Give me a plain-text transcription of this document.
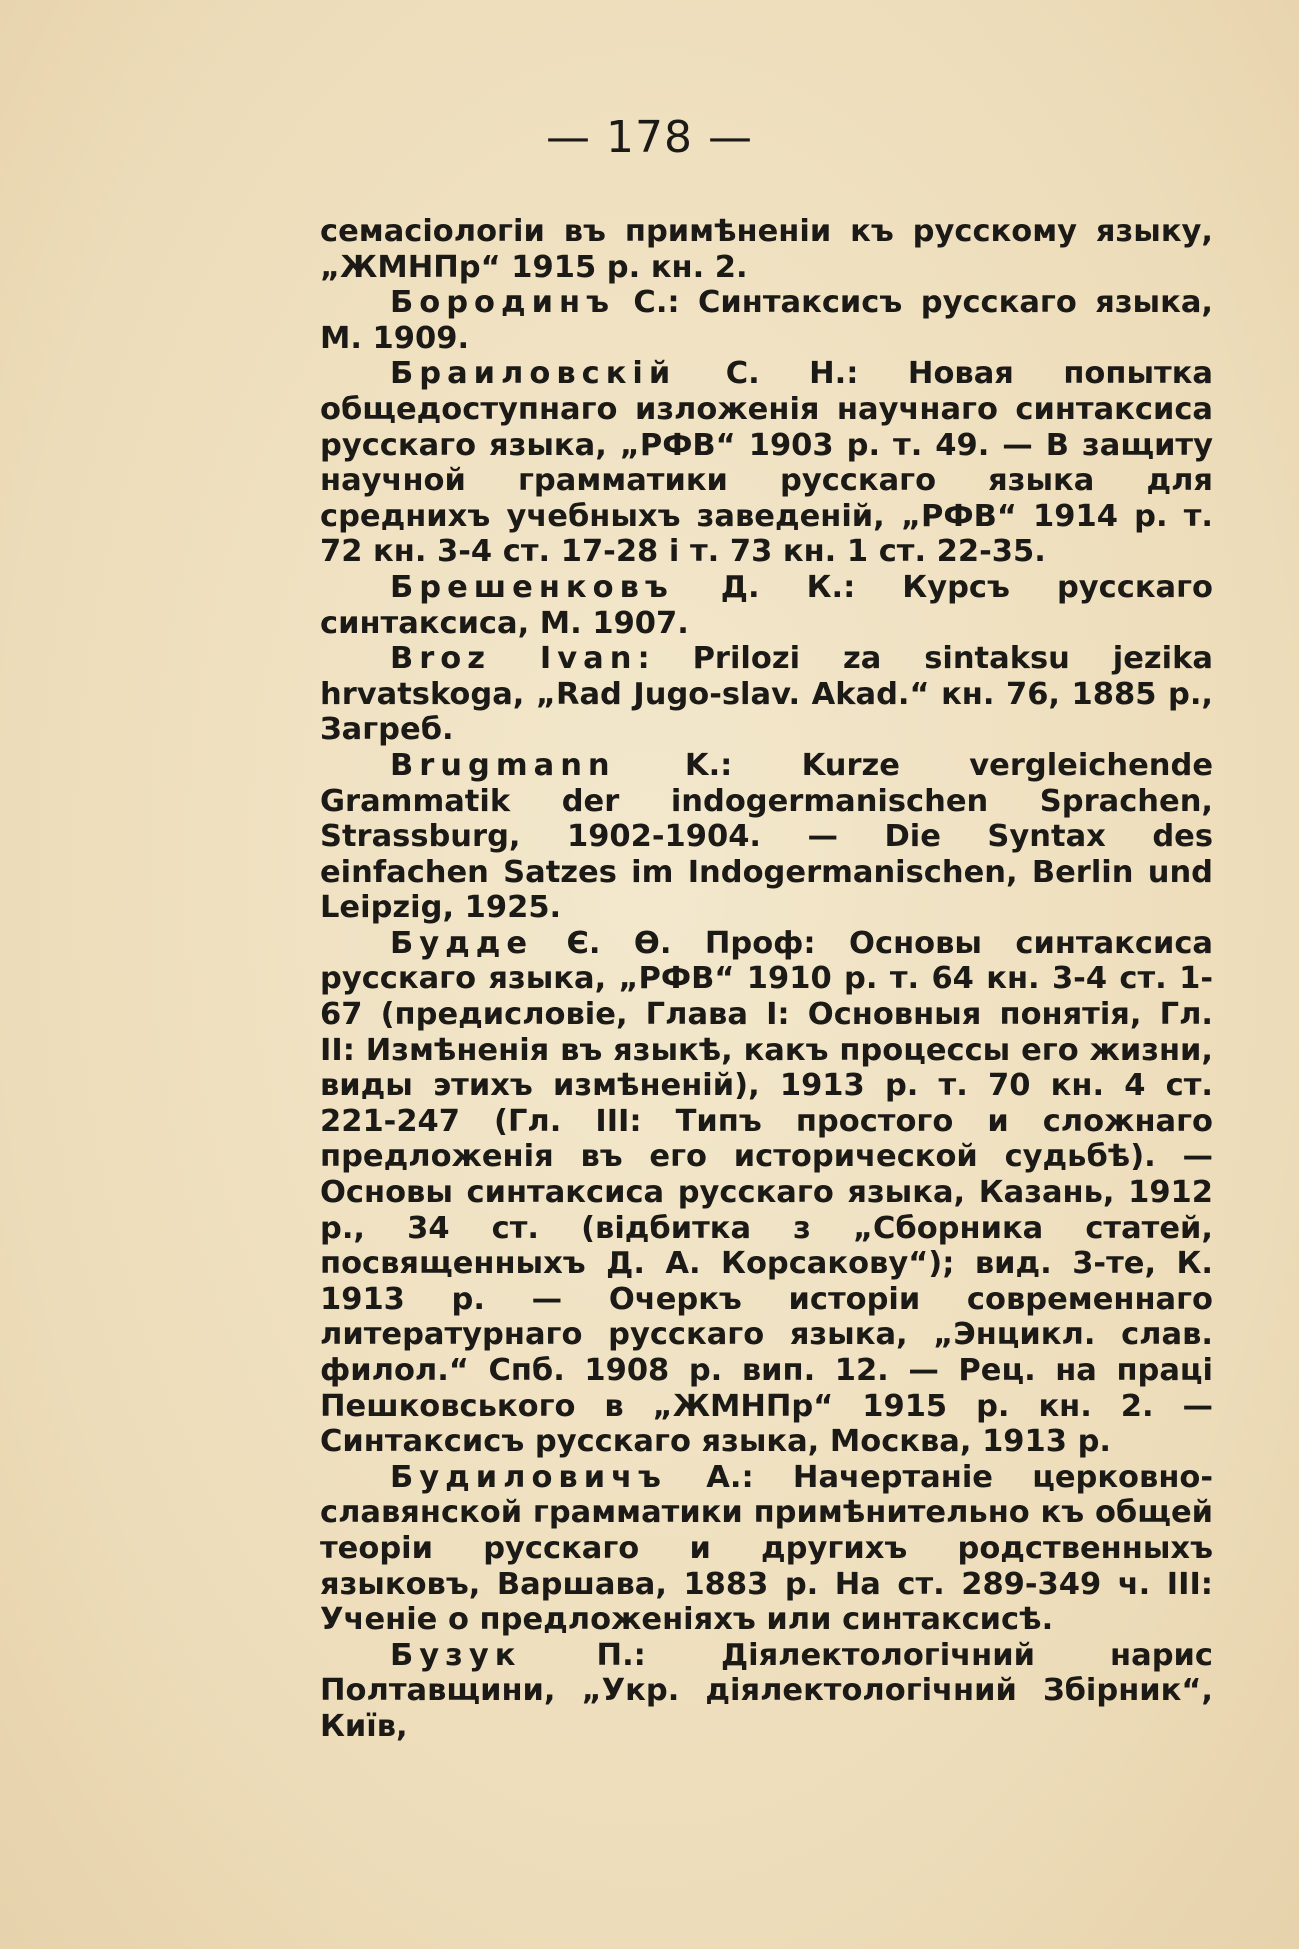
— 178 —

семасіологіи въ примѣненіи къ русскому языку, „ЖМНПр“ 1915 р. кн. 2.

Бородинъ С.: Синтаксисъ русскаго языка, М. 1909.

Браиловскій С. Н.: Новая попытка общедоступнаго изложенія научнаго синтаксиса русскаго языка, „РФВ“ 1903 р. т. 49. — В защиту научной грамматики русскаго языка для среднихъ учебныхъ заведеній, „РФВ“ 1914 р. т. 72 кн. 3-4 ст. 17-28 і т. 73 кн. 1 ст. 22-35.

Брешенковъ Д. К.: Курсъ русскаго синтаксиса, М. 1907.

Broz Ivan: Prilozi za sintaksu jezika hrvatskoga, „Rad Jugo-slav. Akad.“ кн. 76, 1885 р., Загреб.

Brugmann K.: Kurze vergleichende Grammatik der indogermanischen Sprachen, Strassburg, 1902-1904. — Die Syntax des einfachen Satzes im Indogermanischen, Berlin und Leipzig, 1925.

Будде Є. Ѳ. Проф: Основы синтаксиса русскаго языка, „РФВ“ 1910 р. т. 64 кн. 3-4 ст. 1-67 (предисловіе, Глава I: Основныя понятія, Гл. II: Измѣненія въ языкѣ, какъ процессы его жизни, виды этихъ измѣненій), 1913 р. т. 70 кн. 4 ст. 221-247 (Гл. III: Типъ простого и сложнаго предложенія въ его исторической судьбѣ). — Основы синтаксиса русскаго языка, Казань, 1912 р., 34 ст. (відбитка з „Сборника статей, посвященныхъ Д. А. Корсакову“); вид. 3-те, К. 1913 р. — Очеркъ исторіи современнаго литературнаго русскаго языка, „Энцикл. слав. филол.“ Спб. 1908 р. вип. 12. — Рец. на праці Пешковського в „ЖМНПр“ 1915 р. кн. 2. — Синтаксисъ русскаго языка, Москва, 1913 р.

Будиловичъ А.: Начертаніе церковно-славянской грамматики примѣнительно къ общей теоріи русскаго и другихъ родственныхъ языковъ, Варшава, 1883 р. На ст. 289-349 ч. III: Ученіе о предложеніяхъ или синтаксисѣ.

Бузук П.: Діялектологічний нарис Полтавщини, „Укр. діялектологічний Збірник“, Київ,
